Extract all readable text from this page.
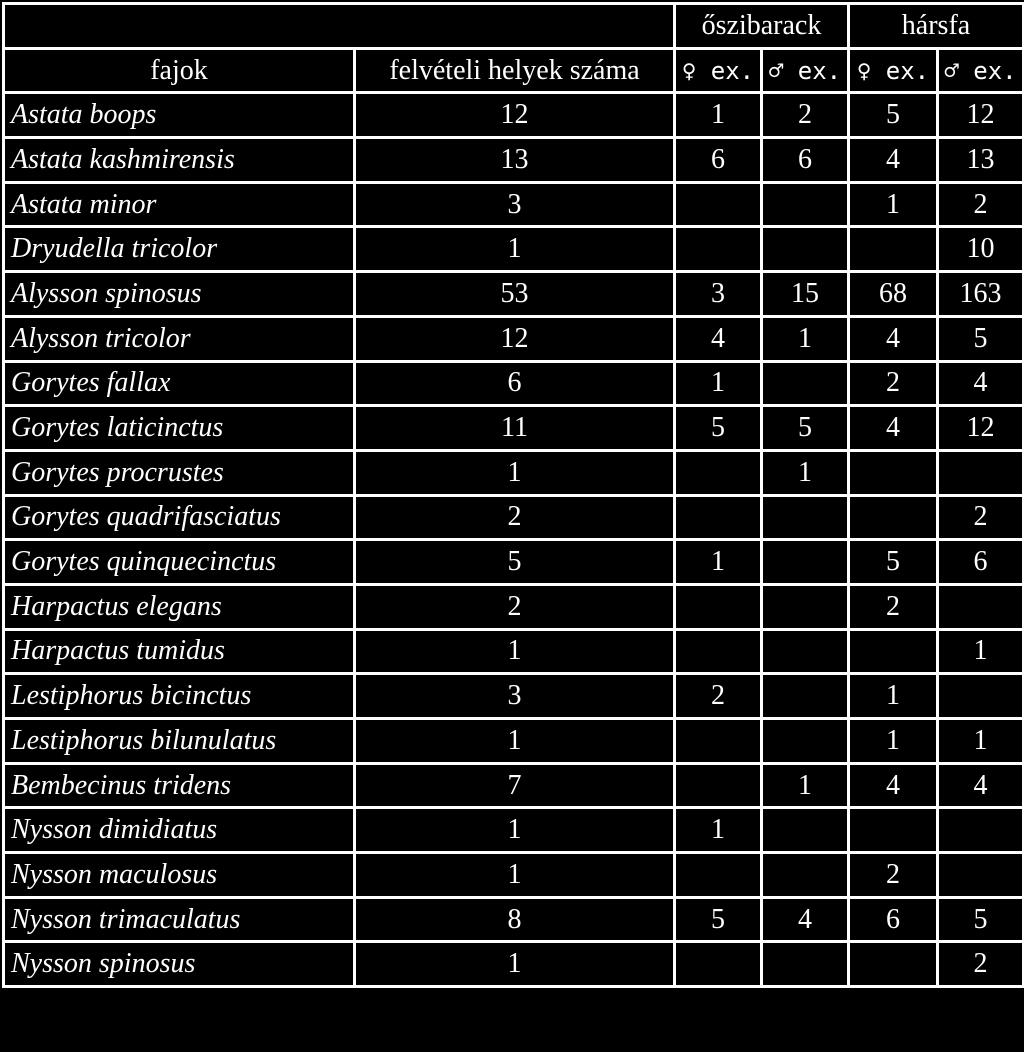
		őszibarack		hársfa	
fajok	felvételi helyek száma	♀ ex.	♂ ex.	♀ ex.	♂ ex.
Astata boops	12	1	2	5	12
Astata kashmirensis	13	6	6	4	13
Astata minor	3			1	2
Dryudella tricolor	1				10
Alysson spinosus	53	3	15	68	163
Alysson tricolor	12	4	1	4	5
Gorytes fallax	6	1		2	4
Gorytes laticinctus	11	5	5	4	12
Gorytes procrustes	1		1		
Gorytes quadrifasciatus	2				2
Gorytes quinquecinctus	5	1		5	6
Harpactus elegans	2			2	
Harpactus tumidus	1				1
Lestiphorus bicinctus	3	2		1	
Lestiphorus bilunulatus	1			1	1
Bembecinus tridens	7		1	4	4
Nysson dimidiatus	1	1			
Nysson maculosus	1			2	
Nysson trimaculatus	8	5	4	6	5
Nysson spinosus	1				2
